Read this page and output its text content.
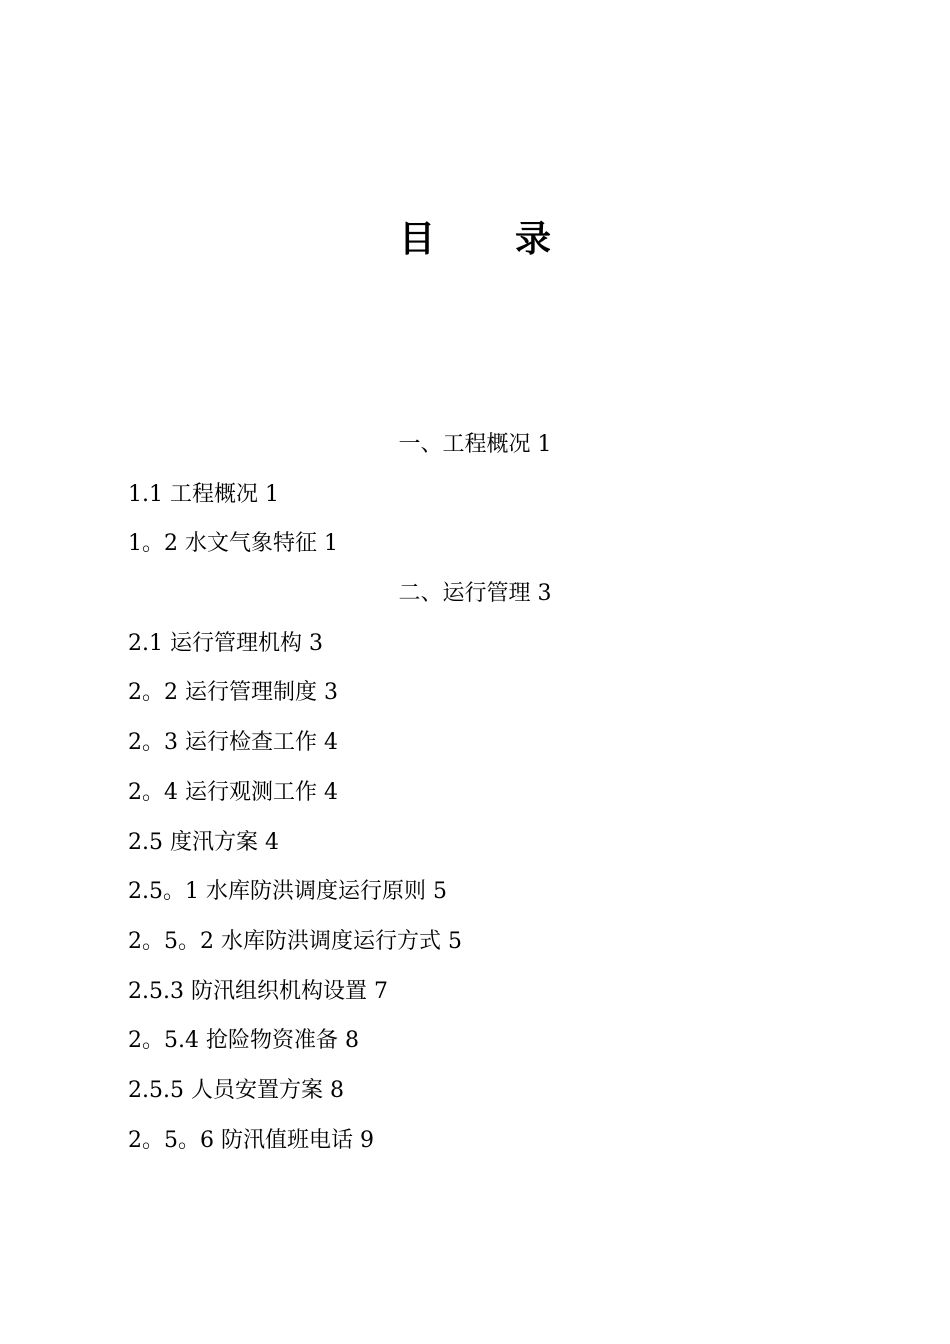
目 录
一、工程概况 1
1.1 工程概况 1
1。2 水文气象特征 1
二、运行管理 3
2.1 运行管理机构 3
2。2 运行管理制度 3
2。3 运行检查工作 4
2。4 运行观测工作 4
2.5 度汛方案 4
2.5。1 水库防洪调度运行原则 5
2。5。2 水库防洪调度运行方式 5
2.5.3 防汛组织机构设置 7
2。5.4 抢险物资准备 8
2.5.5 人员安置方案 8
2。5。6 防汛值班电话 9
